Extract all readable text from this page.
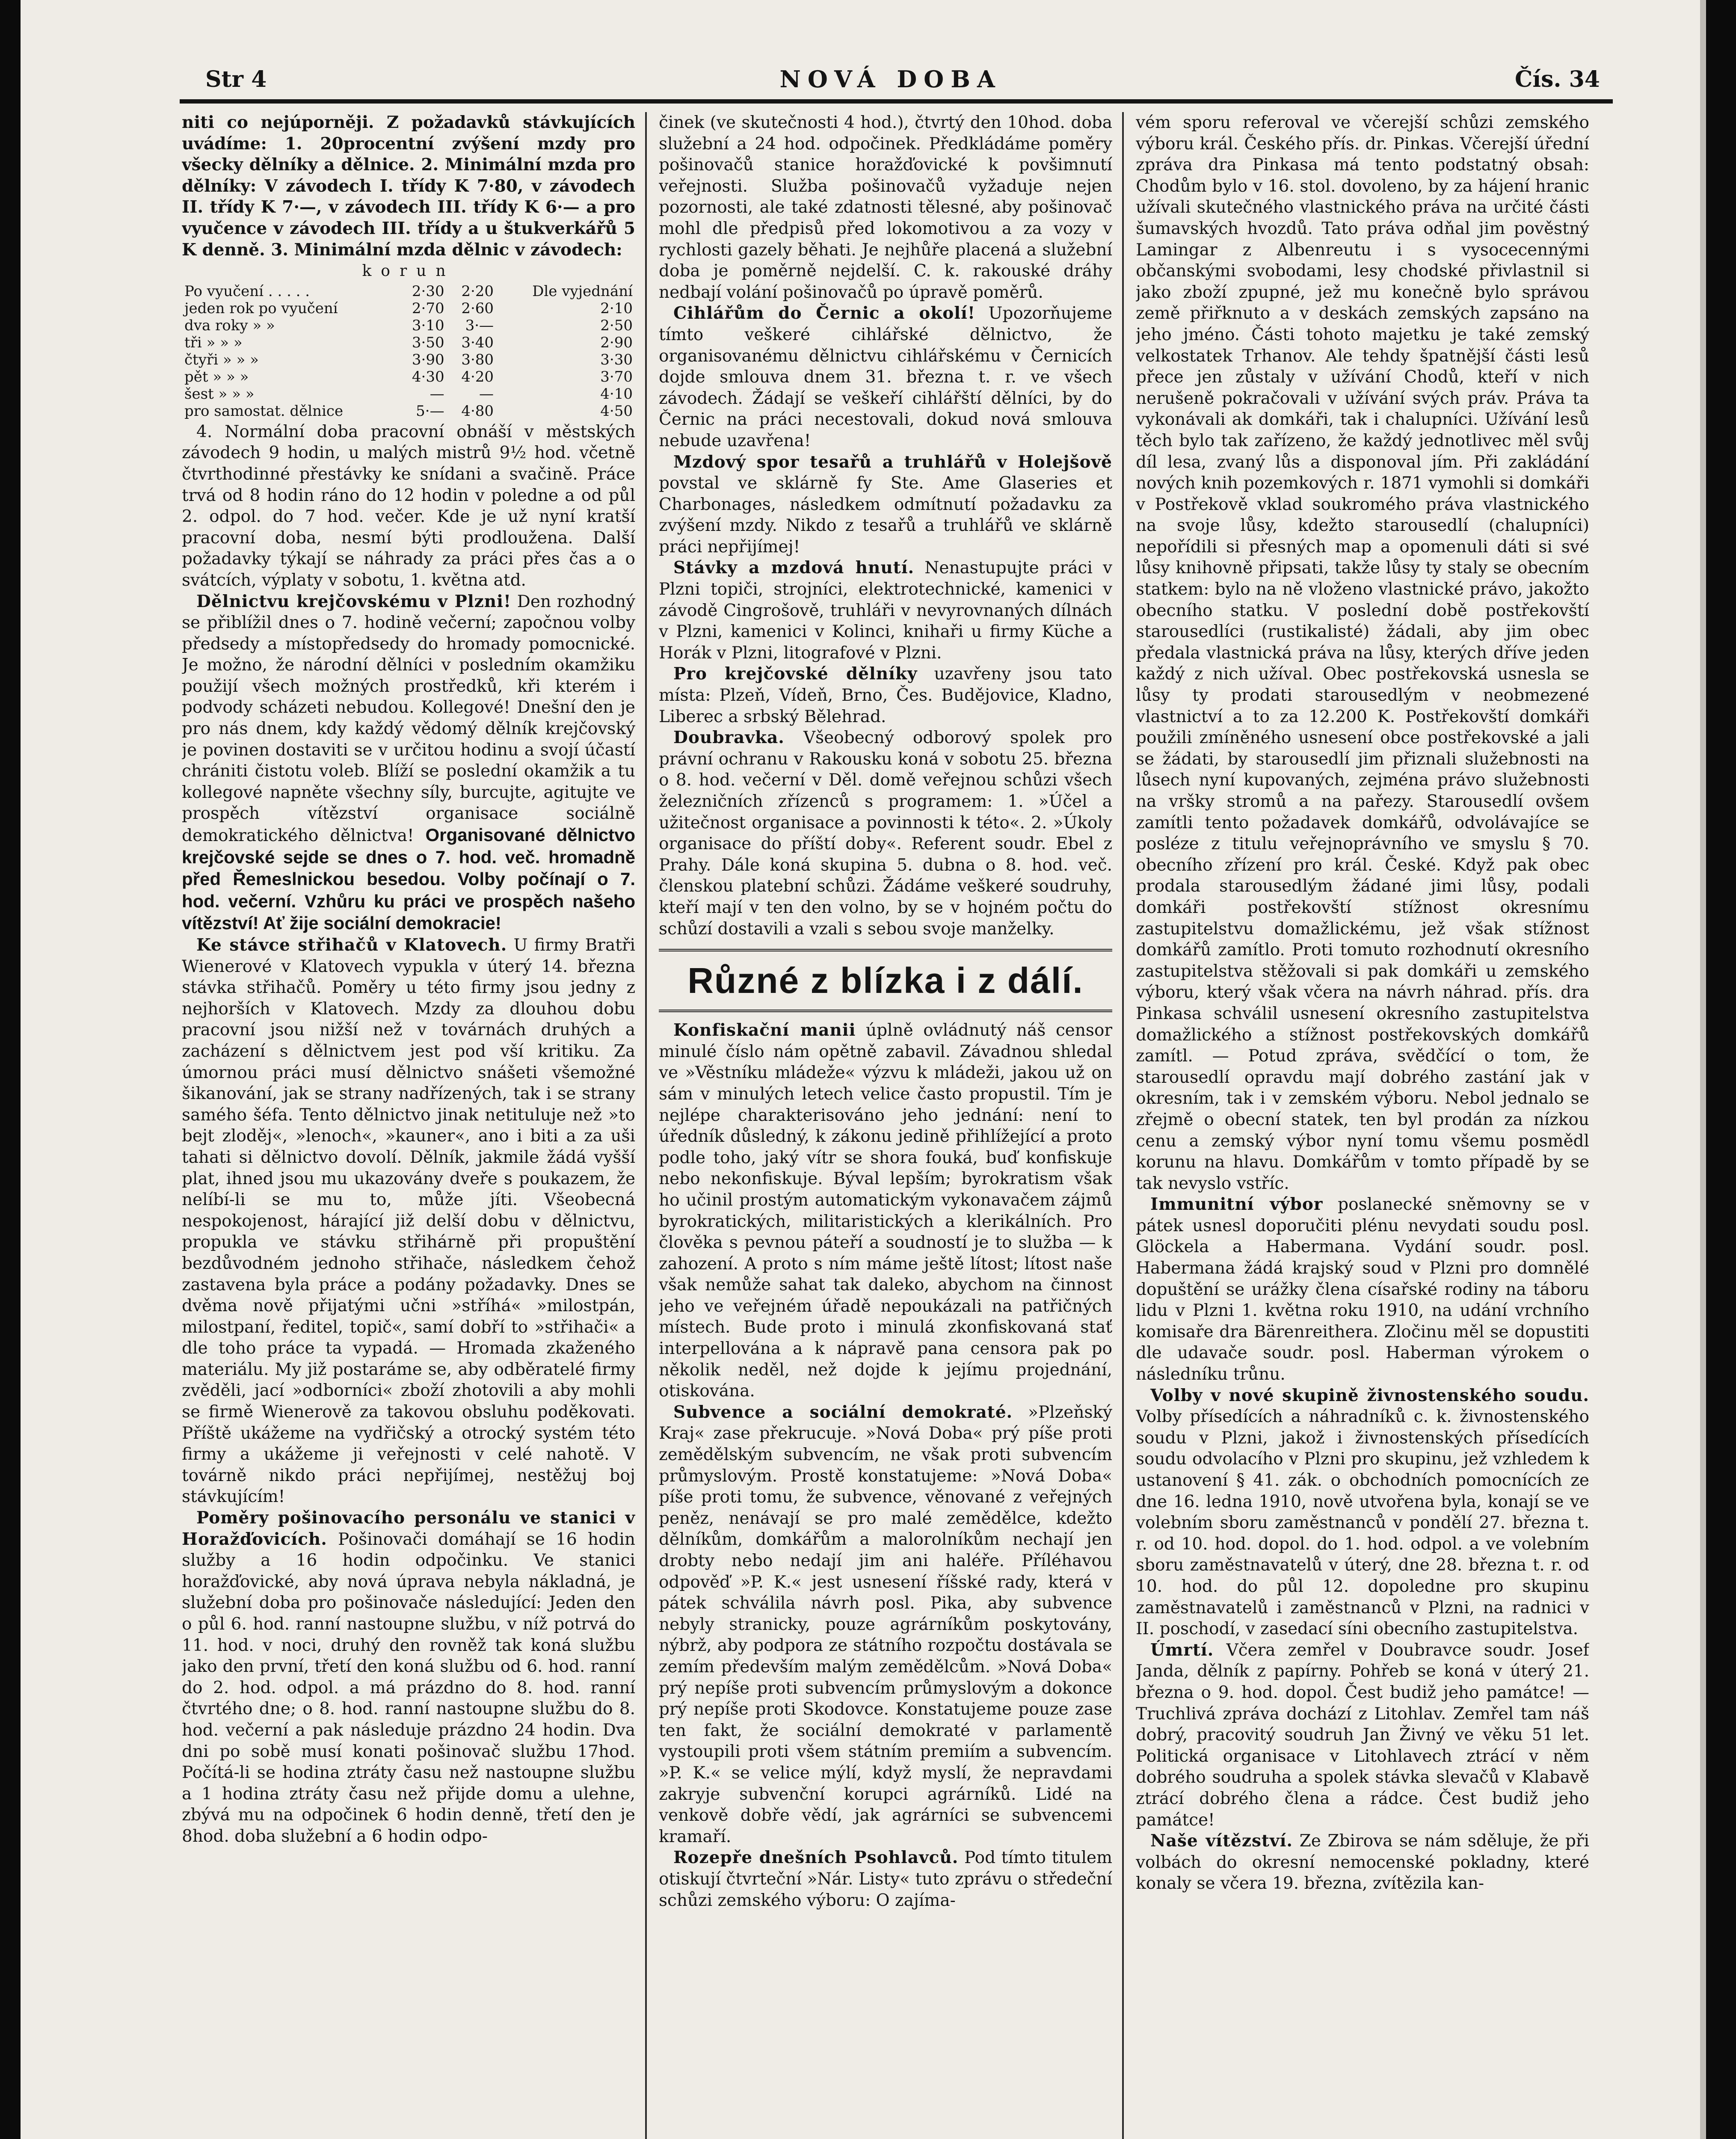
Str 4	NOVÁ DOBA	Čís. 34

niti co nejúporněji. Z požadavků stávkujících uvádíme: 1. 20procentní zvýšení mzdy pro všecky dělníky a dělnice. 2. Minimální mzda pro dělníky: V závodech I. třídy K 7·80, v závodech II. třídy K 7·—, v závodech III. třídy K 6·— a pro vyučence v závodech III. třídy a u štukverkářů 5 K denně. 3. Minimální mzda dělnic v závodech:

korun
Po vyučení . . . . .	2·30	2·20	Dle vyjednání
jeden rok po vyučení	2·70	2·60	2·10
dva roky » »	3·10	3·—	2·50
tři » » »	3·50	3·40	2·90
čtyři » » »	3·90	3·80	3·30
pět » » »	4·30	4·20	3·70
šest » » »	—	—	4·10
pro samostat. dělnice	5·—	4·80	4·50

4. Normální doba pracovní obnáší v městských závodech 9 hodin, u malých mistrů 9½ hod. včetně čtvrthodinné přestávky ke snídani a svačině. Práce trvá od 8 hodin ráno do 12 hodin v poledne a od půl 2. odpol. do 7 hod. večer. Kde je už nyní kratší pracovní doba, nesmí býti prodloužena. Další požadavky týkají se náhrady za práci přes čas a o svátcích, výplaty v sobotu, 1. května atd.

Dělnictvu krejčovskému v Plzni! Den rozhodný se přiblížil dnes o 7. hodině večerní; započnou volby předsedy a místopředsedy do hromady pomocnické. Je možno, že národní dělníci v posledním okamžiku použijí všech možných prostředků, kři kterém i podvody scházeti nebudou. Kollegové! Dnešní den je pro nás dnem, kdy každý vědomý dělník krejčovský je povinen dostaviti se v určitou hodinu a svojí účastí chrániti čistotu voleb. Blíží se poslední okamžik a tu kollegové napněte všechny síly, burcujte, agitujte ve prospěch vítězství organisace sociálně demokratického dělnictva! Organisované dělnictvo krejčovské sejde se dnes o 7. hod. več. hromadně před Řemeslnickou besedou. Volby počínají o 7. hod. večerní. Vzhůru ku práci ve prospěch našeho vítězství! Ať žije sociální demokracie!

Ke stávce střihačů v Klatovech. U firmy Bratři Wienerové v Klatovech vypukla v úterý 14. března stávka střihačů. Poměry u této firmy jsou jedny z nejhorších v Klatovech. Mzdy za dlouhou dobu pracovní jsou nižší než v továrnách druhých a zacházení s dělnictvem jest pod vší kritiku. Za úmornou práci musí dělnictvo snášeti všemožné šikanování, jak se strany nadřízených, tak i se strany samého šéfa. Tento dělnictvo jinak netituluje než »to bejt zloděj«, »lenoch«, »kauner«, ano i biti a za uši tahati si dělnictvo dovolí. Dělník, jakmile žádá vyšší plat, ihned jsou mu ukazovány dveře s poukazem, že nelíbí-li se mu to, může jíti. Všeobecná nespokojenost, hárající již delší dobu v dělnictvu, propukla ve stávku střihárně při propuštění bezdůvodném jednoho střihače, následkem čehož zastavena byla práce a podány požadavky. Dnes se dvěma nově přijatými učni »stříhá« »milostpán, milostpaní, ředitel, topič«, samí dobří to »střihači« a dle toho práce ta vypadá. — Hromada zkaženého materiálu. My již postaráme se, aby odběratelé firmy zvěděli, jací »odborníci« zboží zhotovili a aby mohli se firmě Wienerově za takovou obsluhu poděkovati. Příště ukážeme na vydřičský a otrocký systém této firmy a ukážeme ji veřejnosti v celé nahotě. V továrně nikdo práci nepřijímej, nestěžuj boj stávkujícím!

Poměry pošinovacího personálu ve stanici v Horažďovicích. Pošinovači domáhají se 16 hodin služby a 16 hodin odpočinku. Ve stanici horažďovické, aby nová úprava nebyla nákladná, je služební doba pro pošinovače následující: Jeden den o půl 6. hod. ranní nastoupne službu, v níž potrvá do 11. hod. v noci, druhý den rovněž tak koná službu jako den první, třetí den koná službu od 6. hod. ranní do 2. hod. odpol. a má prázdno do 8. hod. ranní čtvrtého dne; o 8. hod. ranní nastoupne službu do 8. hod. večerní a pak následuje prázdno 24 hodin. Dva dni po sobě musí konati pošinovač službu 17hod. Počítá-li se hodina ztráty času než nastoupne službu a 1 hodina ztráty času než přijde domu a ulehne, zbývá mu na odpočinek 6 hodin denně, třetí den je 8hod. doba služební a 6 hodin odpo-

činek (ve skutečnosti 4 hod.), čtvrtý den 10hod. doba služební a 24 hod. odpočinek. Předkládáme poměry pošinovačů stanice horažďovické k povšimnutí veřejnosti. Služba pošinovačů vyžaduje nejen pozornosti, ale také zdatnosti tělesné, aby pošinovač mohl dle předpisů před lokomotivou a za vozy v rychlosti gazely běhati. Je nejhůře placená a služební doba je poměrně nejdelší. C. k. rakouské dráhy nedbají volání pošinovačů po úpravě poměrů.

Cihlářům do Černic a okolí! Upozorňujeme tímto veškeré cihlářské dělnictvo, že organisovanému dělnictvu cihlářskému v Černicích dojde smlouva dnem 31. března t. r. ve všech závodech. Žádají se veškeří cihlářští dělníci, by do Černic na práci necestovali, dokud nová smlouva nebude uzavřena!

Mzdový spor tesařů a truhlářů v Holejšově povstal ve sklárně fy Ste. Ame Glaseries et Charbonages, následkem odmítnutí požadavku za zvýšení mzdy. Nikdo z tesařů a truhlářů ve sklárně práci nepřijímej!

Stávky a mzdová hnutí. Nenastupujte práci v Plzni topiči, strojníci, elektrotechnické, kamenici v závodě Cingrošově, truhláři v nevyrovnaných dílnách v Plzni, kamenici v Kolinci, knihaři u firmy Küche a Horák v Plzni, litografové v Plzni.

Pro krejčovské dělníky uzavřeny jsou tato místa: Plzeň, Vídeň, Brno, Čes. Budějovice, Kladno, Liberec a srbský Bělehrad.

Doubravka. Všeobecný odborový spolek pro právní ochranu v Rakousku koná v sobotu 25. března o 8. hod. večerní v Děl. domě veřejnou schůzi všech železničních zřízenců s programem: 1. »Účel a užitečnost organisace a povinnosti k této«. 2. »Úkoly organisace do příští doby«. Referent soudr. Ebel z Prahy. Dále koná skupina 5. dubna o 8. hod. več. členskou platební schůzi. Žádáme veškeré soudruhy, kteří mají v ten den volno, by se v hojném počtu do schůzí dostavili a vzali s sebou svoje manželky.

Různé z blízka i z dálí.

Konfiskační manii úplně ovládnutý náš censor minulé číslo nám opětně zabavil. Závadnou shledal ve »Věstníku mládeže« výzvu k mládeži, jakou už on sám v minulých letech velice často propustil. Tím je nejlépe charakterisováno jeho jednání: není to úředník důsledný, k zákonu jedině přihlížející a proto podle toho, jaký vítr se shora fouká, buď konfiskuje nebo nekonfiskuje. Býval lepším; byrokratism však ho učinil prostým automatickým vykonavačem zájmů byrokratických, militaristických a klerikálních. Pro člověka s pevnou páteří a soudností je to služba — k zahození. A proto s ním máme ještě lítost; lítost naše však nemůže sahat tak daleko, abychom na činnost jeho ve veřejném úřadě nepoukázali na patřičných místech. Bude proto i minulá zkonfiskovaná stať interpellována a k nápravě pana censora pak po několik neděl, než dojde k jejímu projednání, otiskována.

Subvence a sociální demokraté. »Plzeňský Kraj« zase překrucuje. »Nová Doba« prý píše proti zemědělským subvencím, ne však proti subvencím průmyslovým. Prostě konstatujeme: »Nová Doba« píše proti tomu, že subvence, věnované z veřejných peněz, nenávají se pro malé zemědělce, kdežto dělníkům, domkářům a malorolníkům nechají jen drobty nebo nedají jim ani haléře. Příléhavou odpověď »P. K.« jest usnesení říšské rady, která v pátek schválila návrh posl. Pika, aby subvence nebyly stranicky, pouze agrárníkům poskytovány, nýbrž, aby podpora ze státního rozpočtu dostávala se zemím především malým zemědělcům. »Nová Doba« prý nepíše proti subvencím průmyslovým a dokonce prý nepíše proti Skodovce. Konstatujeme pouze zase ten fakt, že sociální demokraté v parlamentě vystoupili proti všem státním premiím a subvencím. »P. K.« se velice mýlí, když myslí, že nepravdami zakryje subvenční korupci agrárníků. Lidé na venkově dobře vědí, jak agrárníci se subvencemi kramaří.

Rozepře dnešních Psohlavců. Pod tímto titulem otiskují čtvrteční »Nár. Listy« tuto zprávu o středeční schůzi zemského výboru: O zajíma-

vém sporu referoval ve včerejší schůzi zemského výboru král. Českého přís. dr. Pinkas. Včerejší úřední zpráva dra Pinkasa má tento podstatný obsah: Chodům bylo v 16. stol. dovoleno, by za hájení hranic užívali skutečného vlastnického práva na určité části šumavských hvozdů. Tato práva odňal jim pověstný Lamingar z Albenreutu i s vysocecennými občanskými svobodami, lesy chodské přivlastnil si jako zboží zpupné, jež mu konečně bylo správou země přiřknuto a v deskách zemských zapsáno na jeho jméno. Části tohoto majetku je také zemský velkostatek Trhanov. Ale tehdy špatnější části lesů přece jen zůstaly v užívání Chodů, kteří v nich nerušeně pokračovali v užívání svých práv. Práva ta vykonávali ak domkáři, tak i chalupníci. Užívání lesů těch bylo tak zařízeno, že každý jednotlivec měl svůj díl lesa, zvaný lůs a disponoval jím. Při zakládání nových knih pozemkových r. 1871 vymohli si domkáři v Postřekově vklad soukromého práva vlastnického na svoje lůsy, kdežto starousedlí (chalupníci) nepořídili si přesných map a opomenuli dáti si své lůsy knihovně připsati, takže lůsy ty staly se obecním statkem: bylo na ně vloženo vlastnické právo, jakožto obecního statku. V poslední době postřekovští starousedlíci (rustikalisté) žádali, aby jim obec předala vlastnická práva na lůsy, kterých dříve jeden každý z nich užíval. Obec postřekovská usnesla se lůsy ty prodati starousedlým v neobmezené vlastnictví a to za 12.200 K. Postřekovští domkáři použili zmíněného usnesení obce postřekovské a jali se žádati, by starousedlí jim přiznali služebnosti na lůsech nyní kupovaných, zejména právo služebnosti na vršky stromů a na pařezy. Starousedlí ovšem zamítli tento požadavek domkářů, odvolávajíce se posléze z titulu veřejnoprávního ve smyslu § 70. obecního zřízení pro král. České. Když pak obec prodala starousedlým žádané jimi lůsy, podali domkáři postřekovští stížnost okresnímu zastupitelstvu domažlickému, jež však stížnost domkářů zamítlo. Proti tomuto rozhodnutí okresního zastupitelstva stěžovali si pak domkáři u zemského výboru, který však včera na návrh náhrad. přís. dra Pinkasa schválil usnesení okresního zastupitelstva domažlického a stížnost postřekovských domkářů zamítl. — Potud zpráva, svědčící o tom, že starousedlí opravdu mají dobrého zastání jak v okresním, tak i v zemském výboru. Nebol jednalo se zřejmě o obecní statek, ten byl prodán za nízkou cenu a zemský výbor nyní tomu všemu posmědl korunu na hlavu. Domkářům v tomto případě by se tak nevyslo vstříc.

Immunitní výbor poslanecké sněmovny se v pátek usnesl doporučiti plénu nevydati soudu posl. Glöckela a Habermana. Vydání soudr. posl. Habermana žádá krajský soud v Plzni pro domnělé dopuštění se urážky člena císařské rodiny na táboru lidu v Plzni 1. května roku 1910, na udání vrchního komisaře dra Bärenreithera. Zločinu měl se dopustiti dle udavače soudr. posl. Haberman výrokem o následníku trůnu.

Volby v nové skupině živnostenského soudu. Volby přísedících a náhradníků c. k. živnostenského soudu v Plzni, jakož i živnostenských přísedících soudu odvolacího v Plzni pro skupinu, jež vzhledem k ustanovení § 41. zák. o obchodních pomocnících ze dne 16. ledna 1910, nově utvořena byla, konají se ve volebním sboru zaměstnanců v pondělí 27. března t. r. od 10. hod. dopol. do 1. hod. odpol. a ve volebním sboru zaměstnavatelů v úterý, dne 28. března t. r. od 10. hod. do půl 12. dopoledne pro skupinu zaměstnavatelů i zaměstnanců v Plzni, na radnici v II. poschodí, v zasedací síni obecního zastupitelstva.

Úmrtí. Včera zemřel v Doubravce soudr. Josef Janda, dělník z papírny. Pohřeb se koná v úterý 21. března o 9. hod. dopol. Čest budiž jeho památce! — Truchlivá zpráva dochází z Litohlav. Zemřel tam náš dobrý, pracovitý soudruh Jan Živný ve věku 51 let. Politická organisace v Litohlavech ztrácí v něm dobrého soudruha a spolek stávka slevačů v Klabavě ztrácí dobrého člena a rádce. Čest budiž jeho památce!

Naše vítězství. Ze Zbirova se nám sděluje, že při volbách do okresní nemocenské pokladny, které konaly se včera 19. března, zvítězila kan-
